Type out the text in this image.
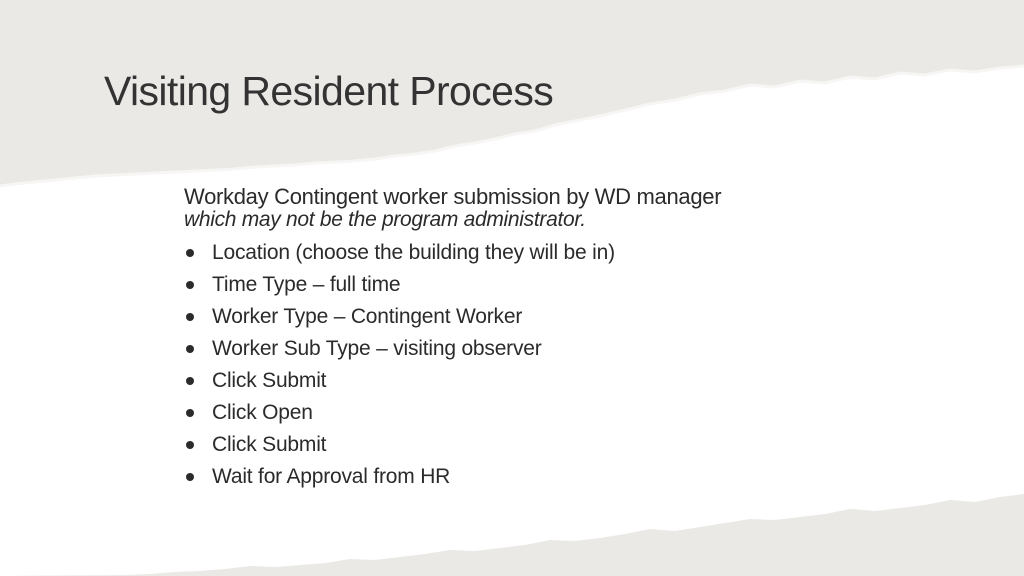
Visiting Resident Process
Workday Contingent worker submission by WD manager
which may not be the program administrator.
Location (choose the building they will be in)
Time Type – full time
Worker Type – Contingent Worker
Worker Sub Type – visiting observer
Click Submit
Click Open
Click Submit
Wait for Approval from HR
